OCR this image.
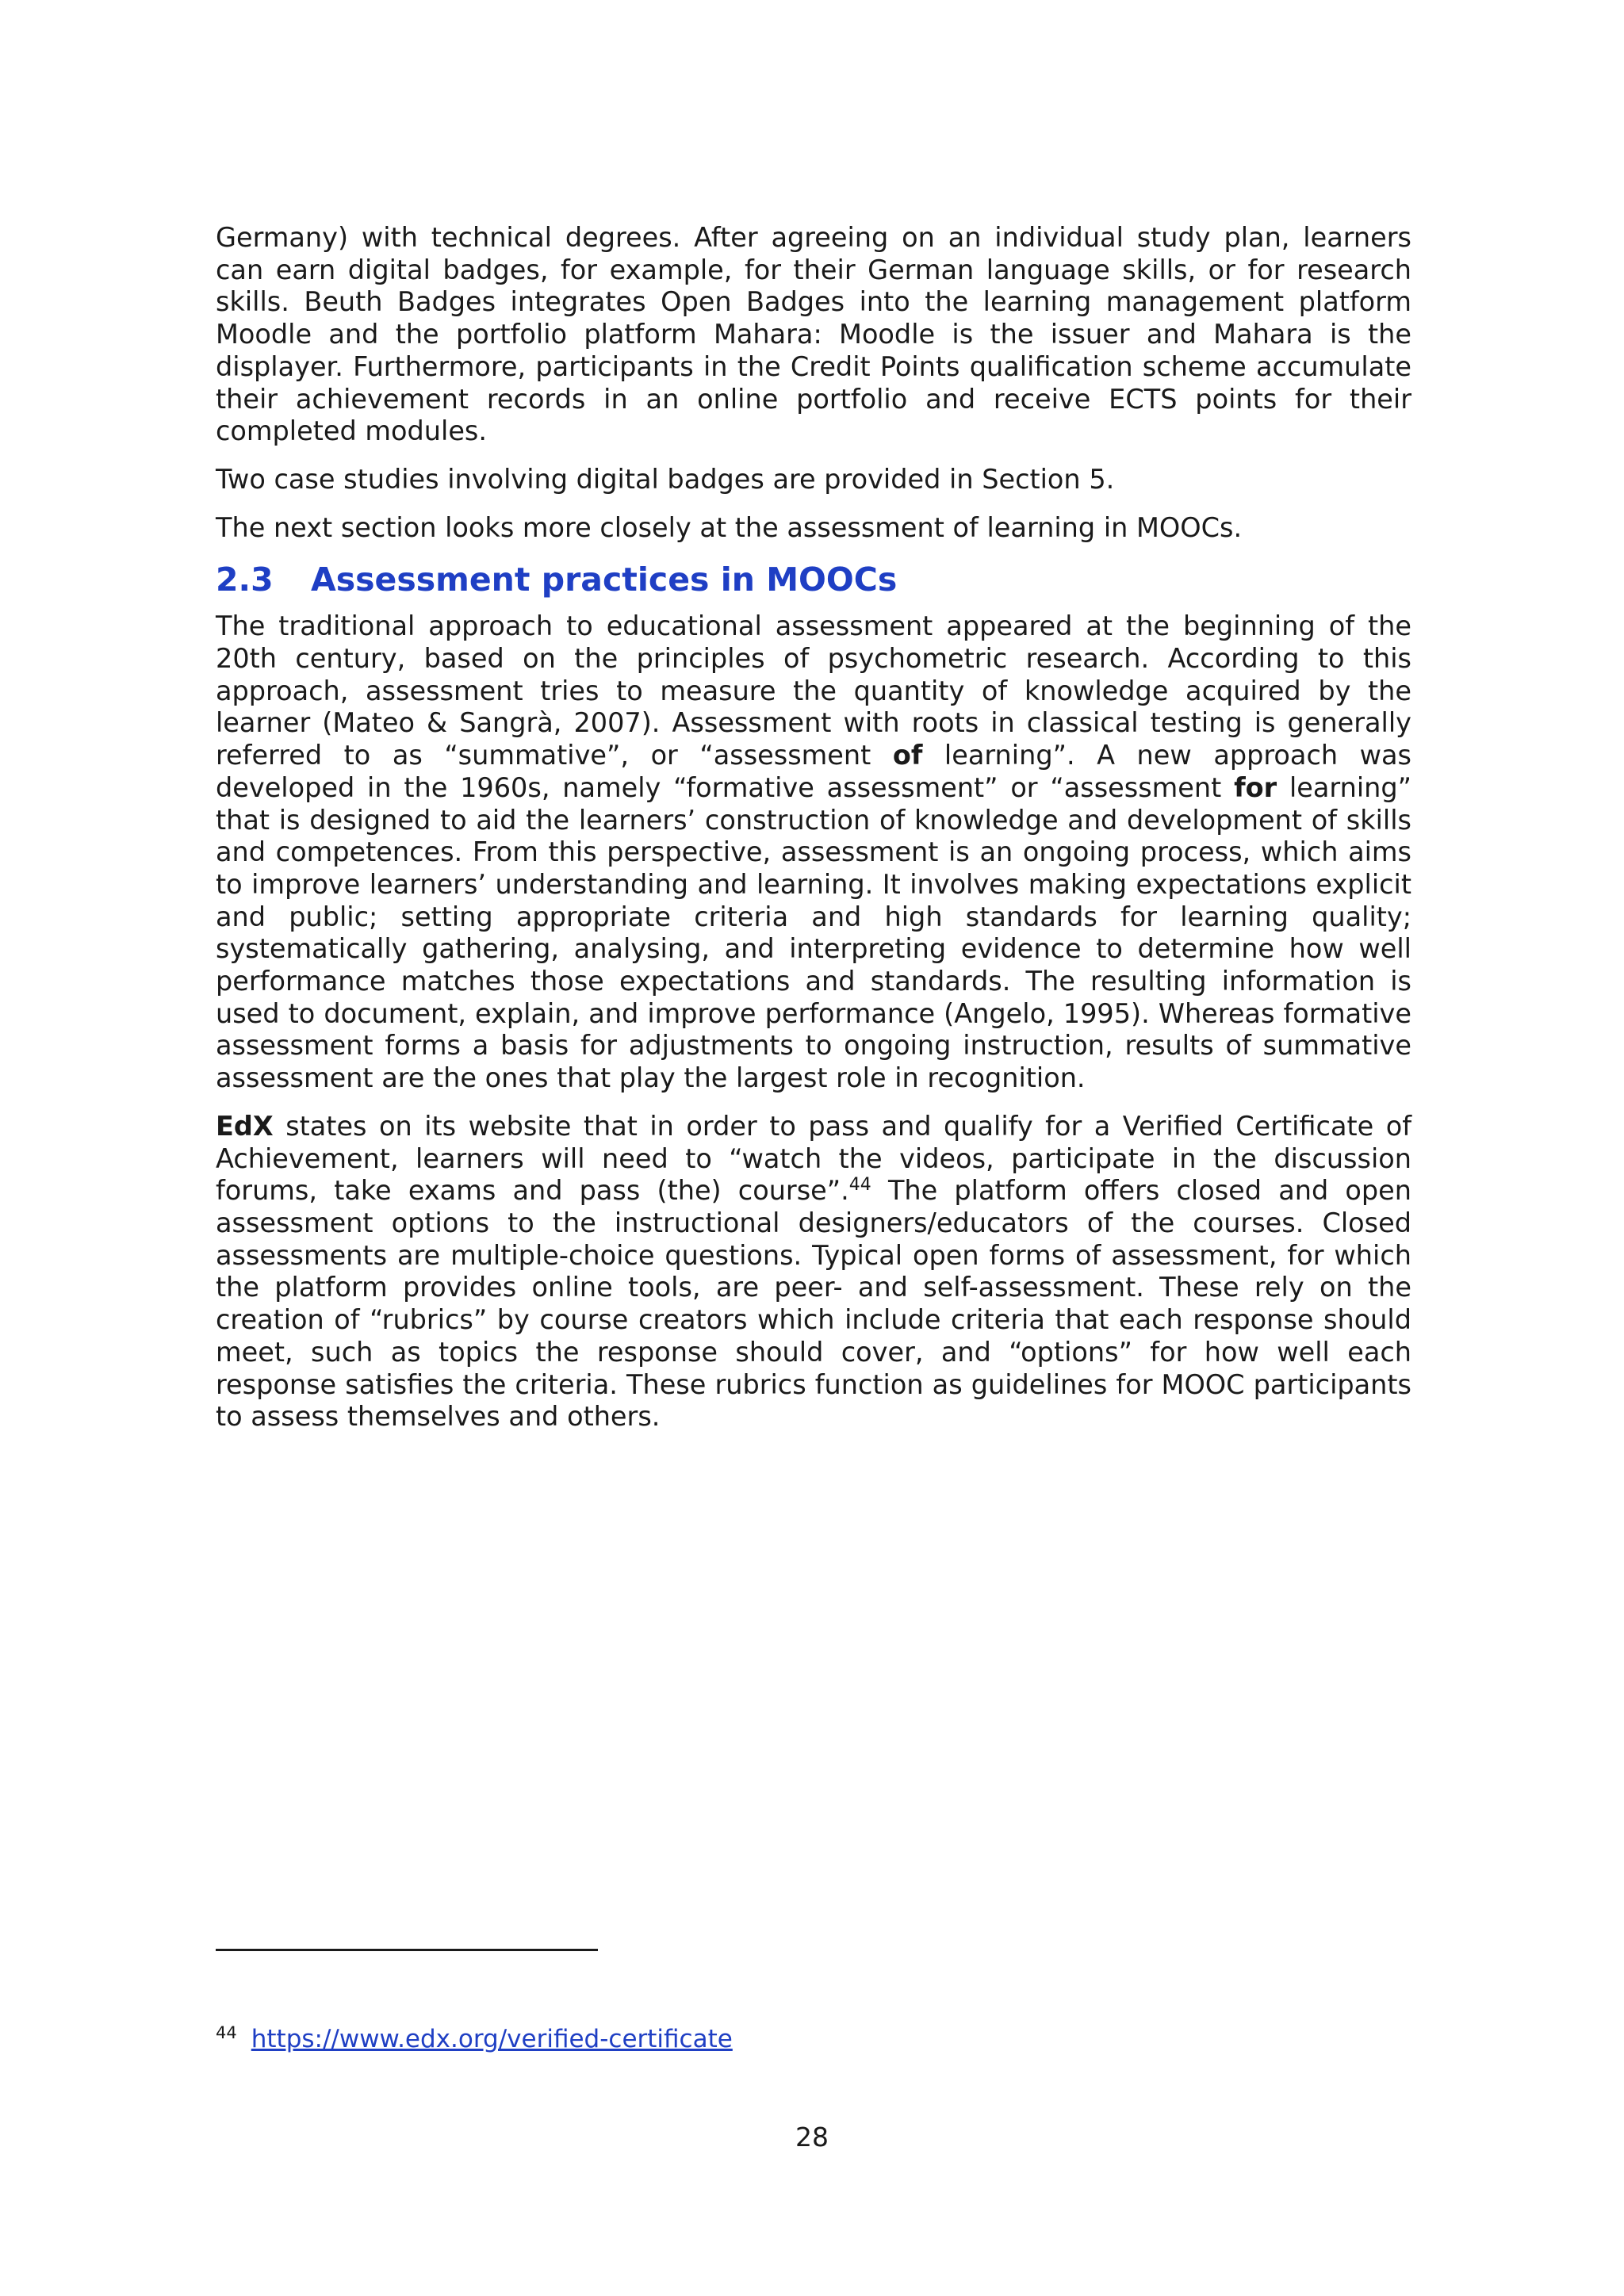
Germany) with technical degrees. After agreeing on an individual study plan, learners can earn digital badges, for example, for their German language skills, or for research skills. Beuth Badges integrates Open Badges into the learning management platform Moodle and the portfolio platform Mahara: Moodle is the issuer and Mahara is the displayer. Furthermore, participants in the Credit Points qualification scheme accumulate their achievement records in an online portfolio and receive ECTS points for their completed modules.

Two case studies involving digital badges are provided in Section 5.

The next section looks more closely at the assessment of learning in MOOCs.

2.3	Assessment practices in MOOCs

The traditional approach to educational assessment appeared at the beginning of the 20th century, based on the principles of psychometric research. According to this approach, assessment tries to measure the quantity of knowledge acquired by the learner (Mateo & Sangrà, 2007). Assessment with roots in classical testing is generally referred to as “summative”, or “assessment of learning”. A new approach was developed in the 1960s, namely “formative assessment” or “assessment for learning” that is designed to aid the learners’ construction of knowledge and development of skills and competences. From this perspective, assessment is an ongoing process, which aims to improve learners’ understanding and learning. It involves making expectations explicit and public; setting appropriate criteria and high standards for learning quality; systematically gathering, analysing, and interpreting evidence to determine how well performance matches those expectations and standards. The resulting information is used to document, explain, and improve performance (Angelo, 1995). Whereas formative assessment forms a basis for adjustments to ongoing instruction, results of summative assessment are the ones that play the largest role in recognition.

EdX states on its website that in order to pass and qualify for a Verified Certificate of Achievement, learners will need to “watch the videos, participate in the discussion forums, take exams and pass (the) course”.$^{44}$ The platform offers closed and open assessment options to the instructional designers/educators of the courses. Closed assessments are multiple-choice questions. Typical open forms of assessment, for which the platform provides online tools, are peer- and self-assessment. These rely on the creation of “rubrics” by course creators which include criteria that each response should meet, such as topics the response should cover, and “options” for how well each response satisfies the criteria. These rubrics function as guidelines for MOOC participants to assess themselves and others.

$^{44}$ https://www.edx.org/verified-certificate
28
